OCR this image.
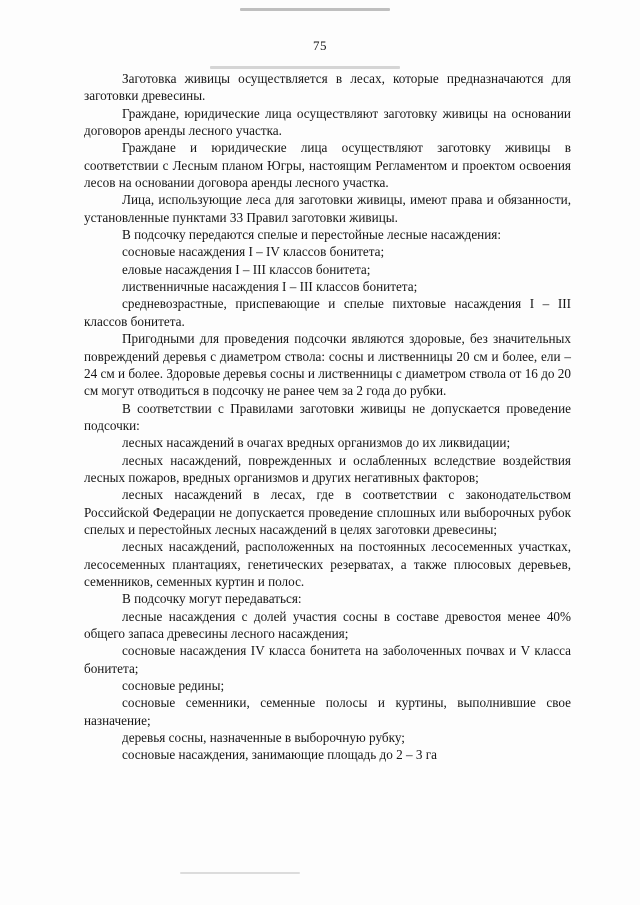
75

Заготовка живицы осуществляется в лесах, которые предназначаются для заготовки древесины.

Граждане, юридические лица осуществляют заготовку живицы на основании договоров аренды лесного участка.

Граждане и юридические лица осуществляют заготовку живицы в соответствии с Лесным планом Югры, настоящим Регламентом и проектом освоения лесов на основании договора аренды лесного участка.

Лица, использующие леса для заготовки живицы, имеют права и обязанности, установленные пунктами 33 Правил заготовки живицы.

В подсочку передаются спелые и перестойные лесные насаждения:

сосновые насаждения I – IV классов бонитета;

еловые насаждения I – III классов бонитета;

лиственничные насаждения I – III классов бонитета;

средневозрастные, приспевающие и спелые пихтовые насаждения I – III классов бонитета.

Пригодными для проведения подсочки являются здоровые, без значительных повреждений деревья с диаметром ствола: сосны и лиственницы 20 см и более, ели – 24 см и более. Здоровые деревья сосны и лиственницы с диаметром ствола от 16 до 20 см могут отводиться в подсочку не ранее чем за 2 года до рубки.

В соответствии с Правилами заготовки живицы не допускается проведение подсочки:

лесных насаждений в очагах вредных организмов до их ликвидации;

лесных насаждений, поврежденных и ослабленных вследствие воздействия лесных пожаров, вредных организмов и других негативных факторов;

лесных насаждений в лесах, где в соответствии с законодательством Российской Федерации не допускается проведение сплошных или выборочных рубок спелых и перестойных лесных насаждений в целях заготовки древесины;

лесных насаждений, расположенных на постоянных лесосеменных участках, лесосеменных плантациях, генетических резерватах, а также плюсовых деревьев, семенников, семенных куртин и полос.

В подсочку могут передаваться:

лесные насаждения с долей участия сосны в составе древостоя менее 40% общего запаса древесины лесного насаждения;

сосновые насаждения IV класса бонитета на заболоченных почвах и V класса бонитета;

сосновые редины;

сосновые семенники, семенные полосы и куртины, выполнившие свое назначение;

деревья сосны, назначенные в выборочную рубку;

сосновые насаждения, занимающие площадь до 2 – 3 га
